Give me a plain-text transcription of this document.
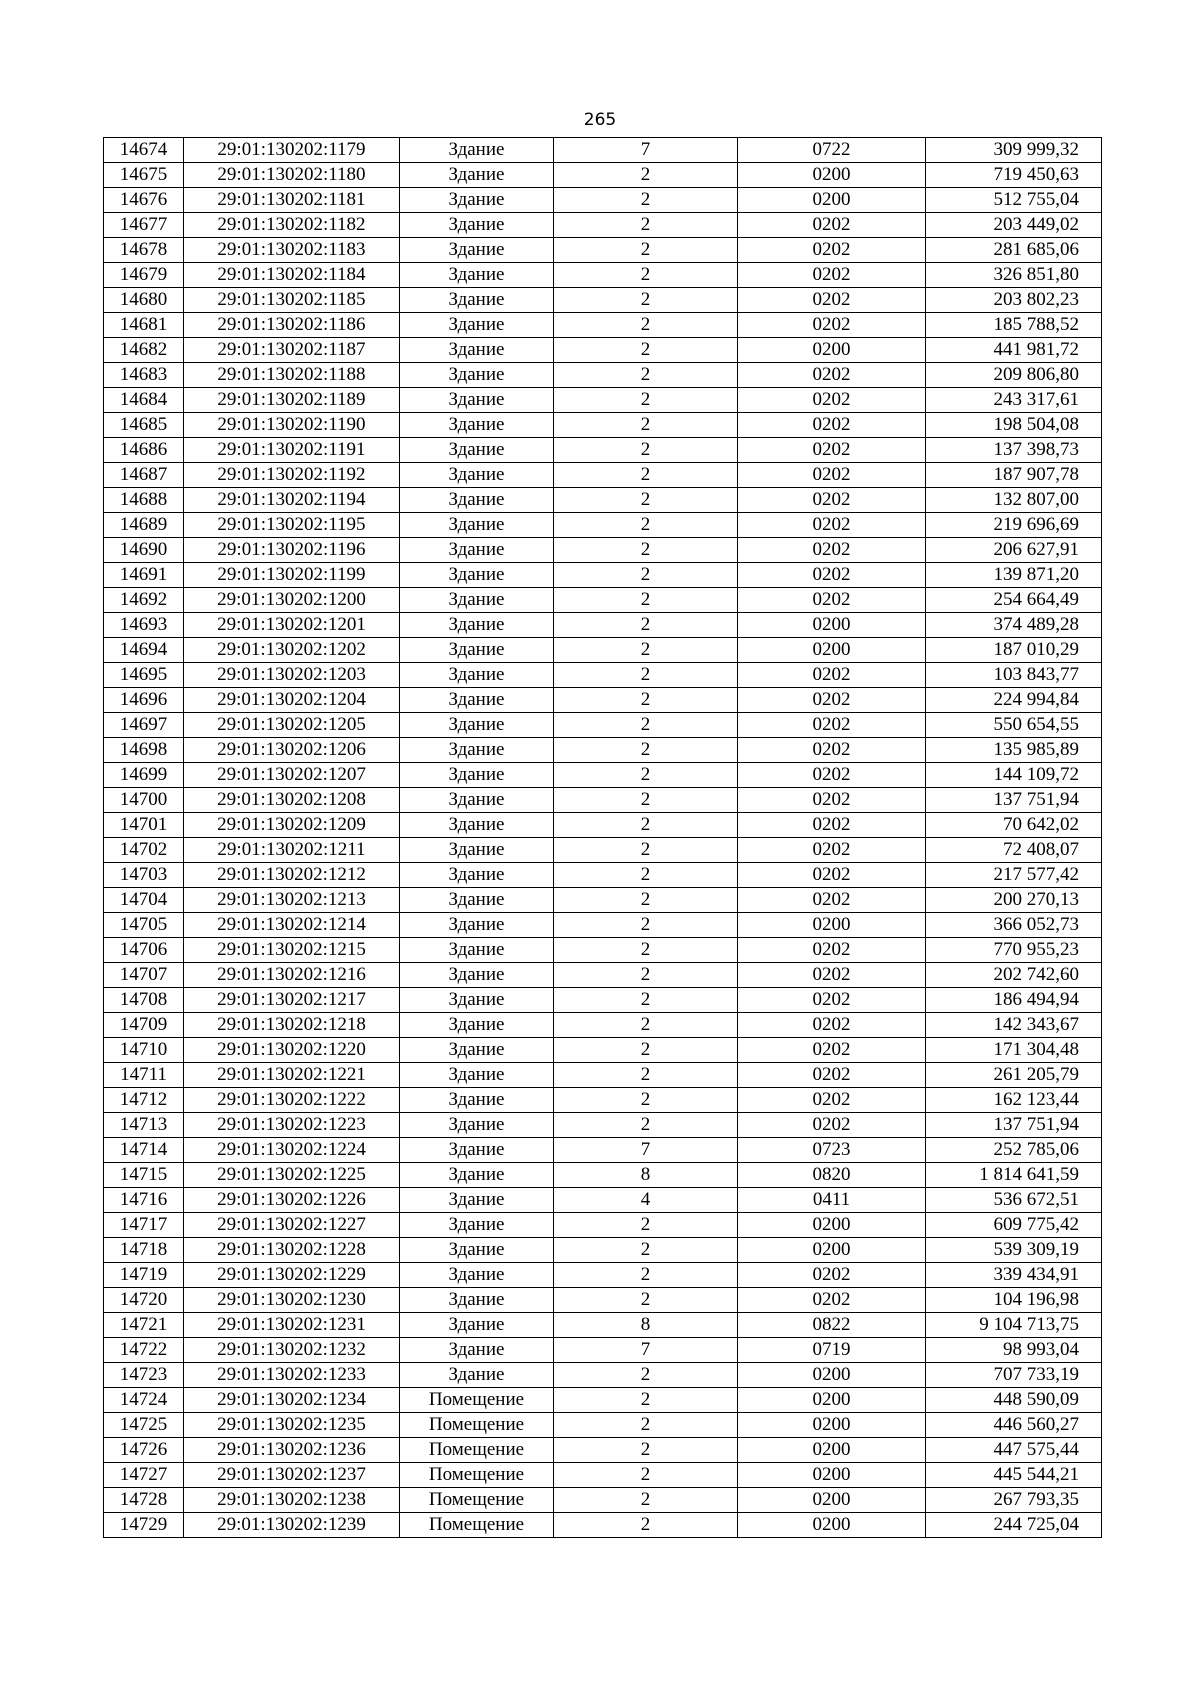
265
14674	29:01:130202:1179	Здание	7	0722	309 999,32
14675	29:01:130202:1180	Здание	2	0200	719 450,63
14676	29:01:130202:1181	Здание	2	0200	512 755,04
14677	29:01:130202:1182	Здание	2	0202	203 449,02
14678	29:01:130202:1183	Здание	2	0202	281 685,06
14679	29:01:130202:1184	Здание	2	0202	326 851,80
14680	29:01:130202:1185	Здание	2	0202	203 802,23
14681	29:01:130202:1186	Здание	2	0202	185 788,52
14682	29:01:130202:1187	Здание	2	0200	441 981,72
14683	29:01:130202:1188	Здание	2	0202	209 806,80
14684	29:01:130202:1189	Здание	2	0202	243 317,61
14685	29:01:130202:1190	Здание	2	0202	198 504,08
14686	29:01:130202:1191	Здание	2	0202	137 398,73
14687	29:01:130202:1192	Здание	2	0202	187 907,78
14688	29:01:130202:1194	Здание	2	0202	132 807,00
14689	29:01:130202:1195	Здание	2	0202	219 696,69
14690	29:01:130202:1196	Здание	2	0202	206 627,91
14691	29:01:130202:1199	Здание	2	0202	139 871,20
14692	29:01:130202:1200	Здание	2	0202	254 664,49
14693	29:01:130202:1201	Здание	2	0200	374 489,28
14694	29:01:130202:1202	Здание	2	0200	187 010,29
14695	29:01:130202:1203	Здание	2	0202	103 843,77
14696	29:01:130202:1204	Здание	2	0202	224 994,84
14697	29:01:130202:1205	Здание	2	0202	550 654,55
14698	29:01:130202:1206	Здание	2	0202	135 985,89
14699	29:01:130202:1207	Здание	2	0202	144 109,72
14700	29:01:130202:1208	Здание	2	0202	137 751,94
14701	29:01:130202:1209	Здание	2	0202	70 642,02
14702	29:01:130202:1211	Здание	2	0202	72 408,07
14703	29:01:130202:1212	Здание	2	0202	217 577,42
14704	29:01:130202:1213	Здание	2	0202	200 270,13
14705	29:01:130202:1214	Здание	2	0200	366 052,73
14706	29:01:130202:1215	Здание	2	0202	770 955,23
14707	29:01:130202:1216	Здание	2	0202	202 742,60
14708	29:01:130202:1217	Здание	2	0202	186 494,94
14709	29:01:130202:1218	Здание	2	0202	142 343,67
14710	29:01:130202:1220	Здание	2	0202	171 304,48
14711	29:01:130202:1221	Здание	2	0202	261 205,79
14712	29:01:130202:1222	Здание	2	0202	162 123,44
14713	29:01:130202:1223	Здание	2	0202	137 751,94
14714	29:01:130202:1224	Здание	7	0723	252 785,06
14715	29:01:130202:1225	Здание	8	0820	1 814 641,59
14716	29:01:130202:1226	Здание	4	0411	536 672,51
14717	29:01:130202:1227	Здание	2	0200	609 775,42
14718	29:01:130202:1228	Здание	2	0200	539 309,19
14719	29:01:130202:1229	Здание	2	0202	339 434,91
14720	29:01:130202:1230	Здание	2	0202	104 196,98
14721	29:01:130202:1231	Здание	8	0822	9 104 713,75
14722	29:01:130202:1232	Здание	7	0719	98 993,04
14723	29:01:130202:1233	Здание	2	0200	707 733,19
14724	29:01:130202:1234	Помещение	2	0200	448 590,09
14725	29:01:130202:1235	Помещение	2	0200	446 560,27
14726	29:01:130202:1236	Помещение	2	0200	447 575,44
14727	29:01:130202:1237	Помещение	2	0200	445 544,21
14728	29:01:130202:1238	Помещение	2	0200	267 793,35
14729	29:01:130202:1239	Помещение	2	0200	244 725,04
